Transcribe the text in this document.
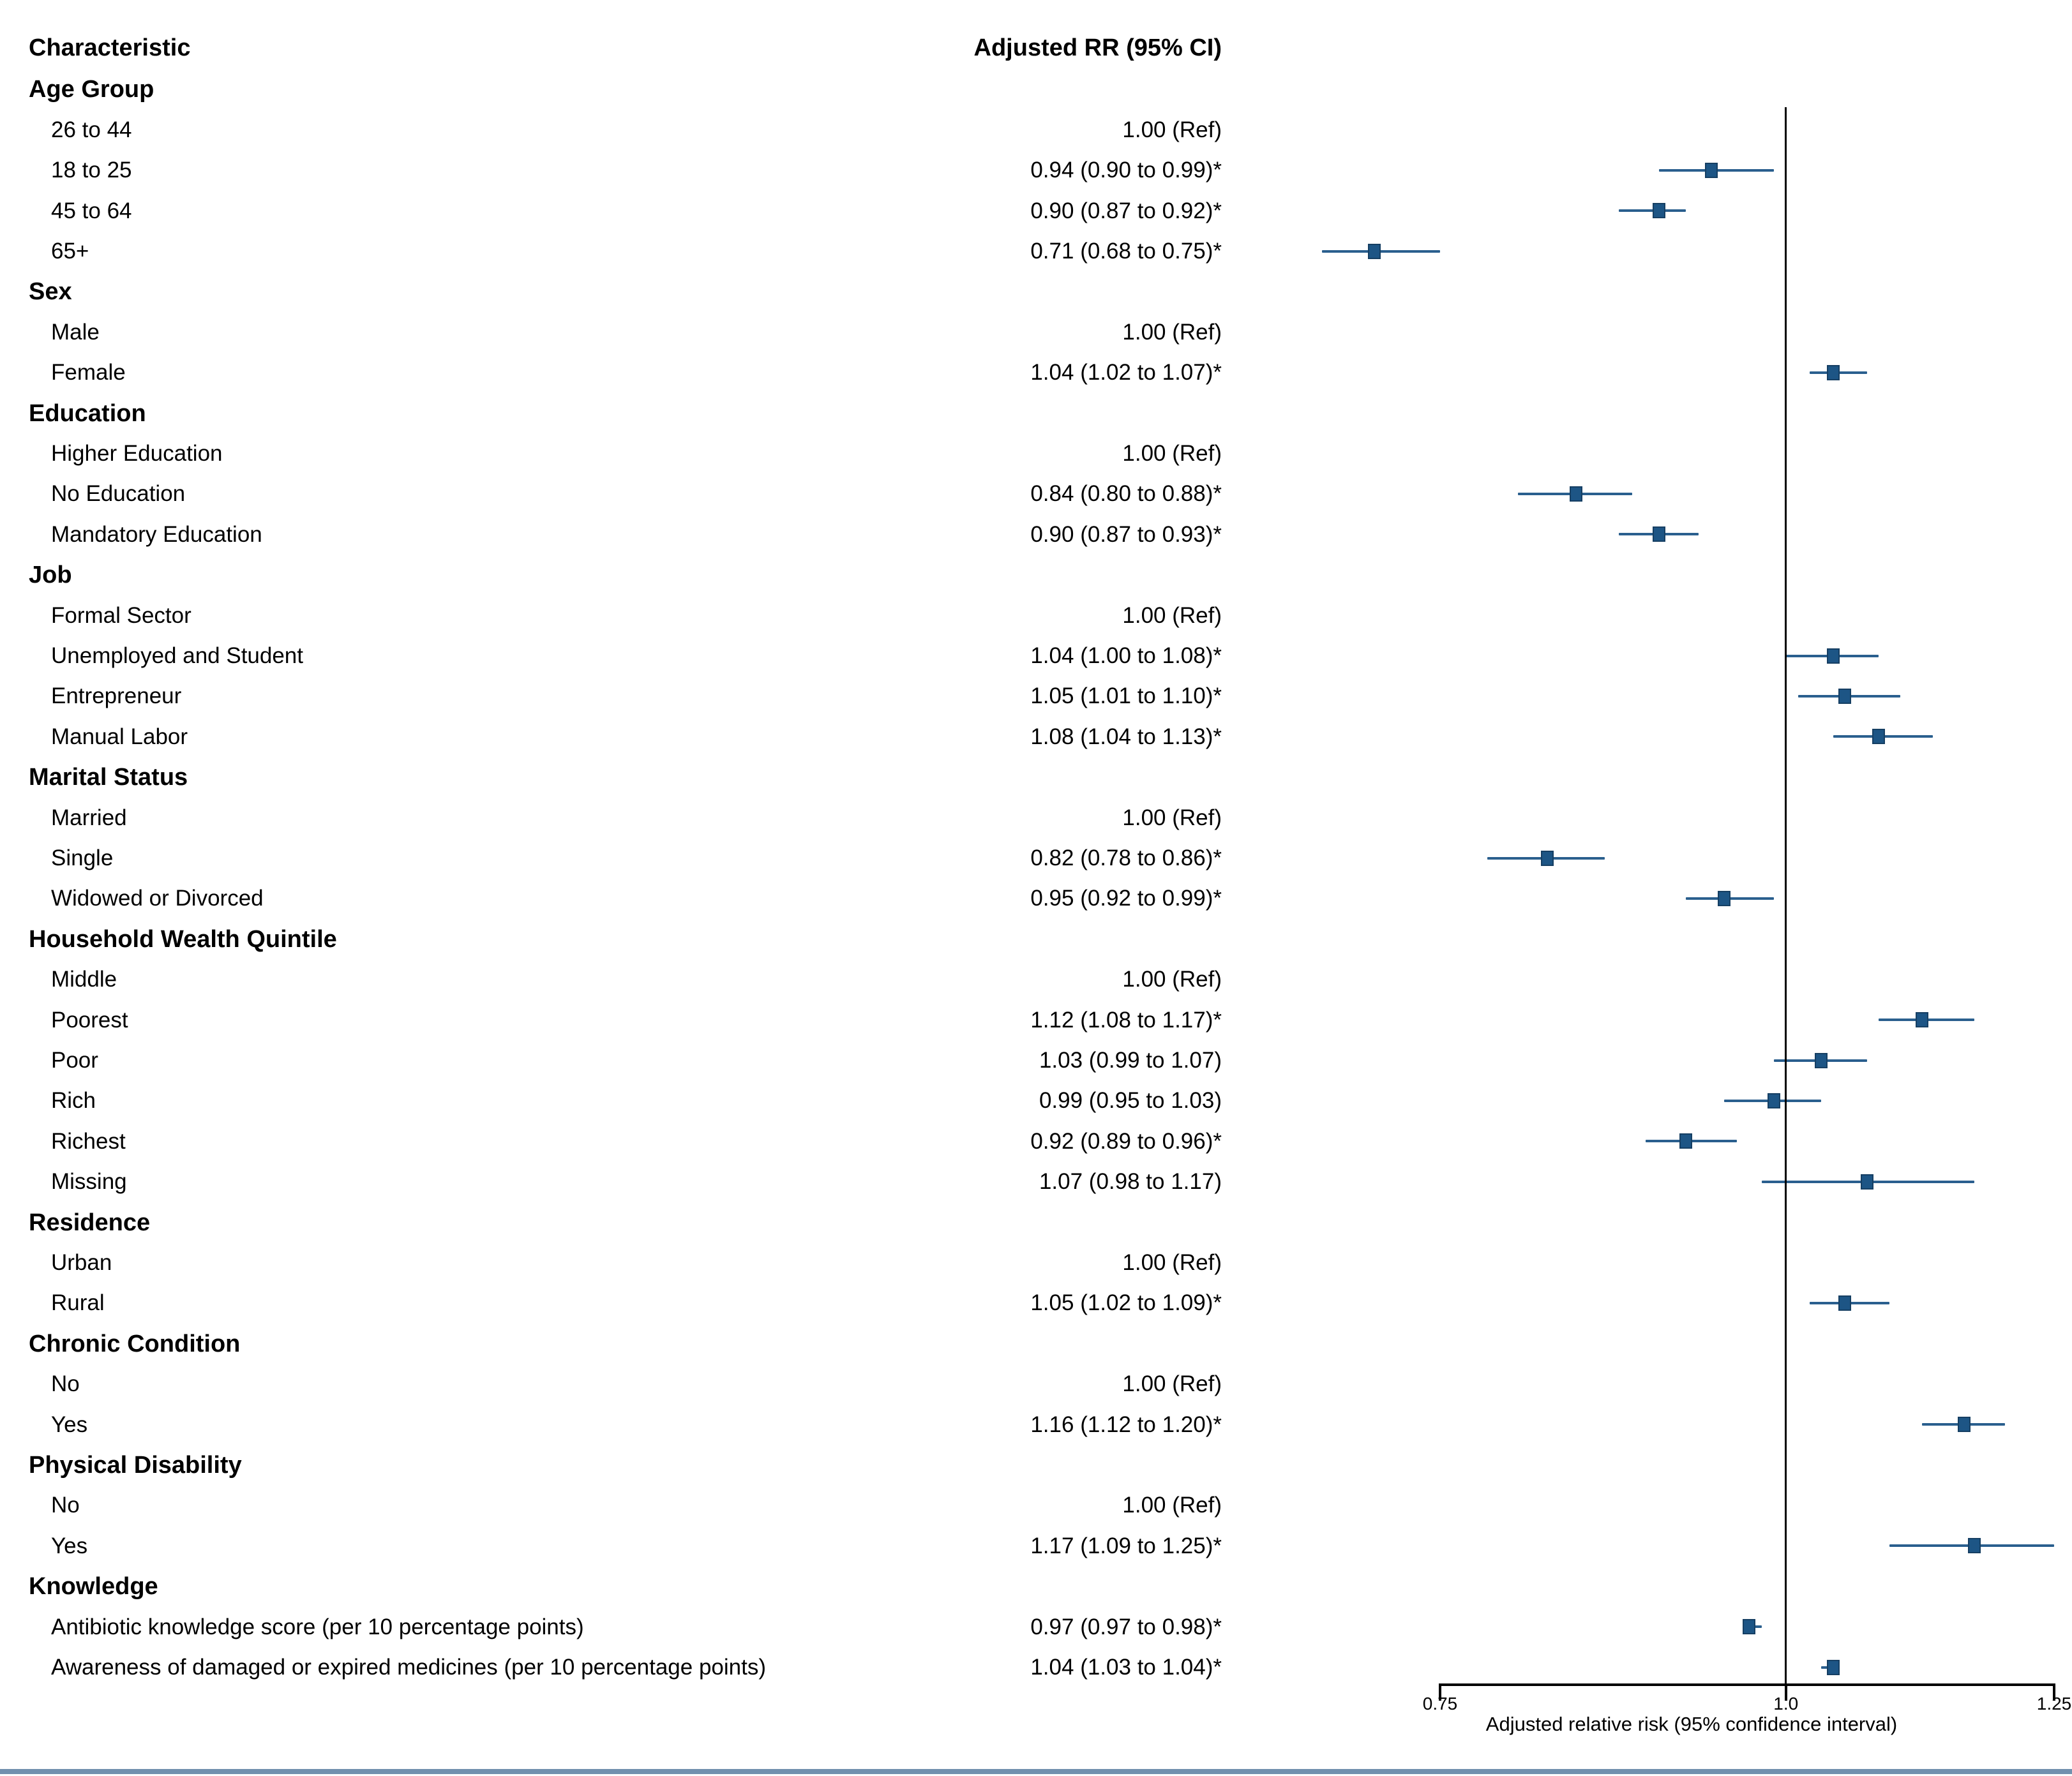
Characteristic	Adjusted RR (95% CI)
Age Group
26 to 44	1.00 (Ref)
18 to 25	0.94 (0.90 to 0.99)*
45 to 64	0.90 (0.87 to 0.92)*
65+	0.71 (0.68 to 0.75)*
Sex
Male	1.00 (Ref)
Female	1.04 (1.02 to 1.07)*
Education
Higher Education	1.00 (Ref)
No Education	0.84 (0.80 to 0.88)*
Mandatory Education	0.90 (0.87 to 0.93)*
Job
Formal Sector	1.00 (Ref)
Unemployed and Student	1.04 (1.00 to 1.08)*
Entrepreneur	1.05 (1.01 to 1.10)*
Manual Labor	1.08 (1.04 to 1.13)*
Marital Status
Married	1.00 (Ref)
Single	0.82 (0.78 to 0.86)*
Widowed or Divorced	0.95 (0.92 to 0.99)*
Household Wealth Quintile
Middle	1.00 (Ref)
Poorest	1.12 (1.08 to 1.17)*
Poor	1.03 (0.99 to 1.07)
Rich	0.99 (0.95 to 1.03)
Richest	0.92 (0.89 to 0.96)*
Missing	1.07 (0.98 to 1.17)
Residence
Urban	1.00 (Ref)
Rural	1.05 (1.02 to 1.09)*
Chronic Condition
No	1.00 (Ref)
Yes	1.16 (1.12 to 1.20)*
Physical Disability
No	1.00 (Ref)
Yes	1.17 (1.09 to 1.25)*
Knowledge
Antibiotic knowledge score (per 10 percentage points)	0.97 (0.97 to 0.98)*
Awareness of damaged or expired medicines (per 10 percentage points)	1.04 (1.03 to 1.04)*
0.75	1.0	1.25
Adjusted relative risk (95% confidence interval)
